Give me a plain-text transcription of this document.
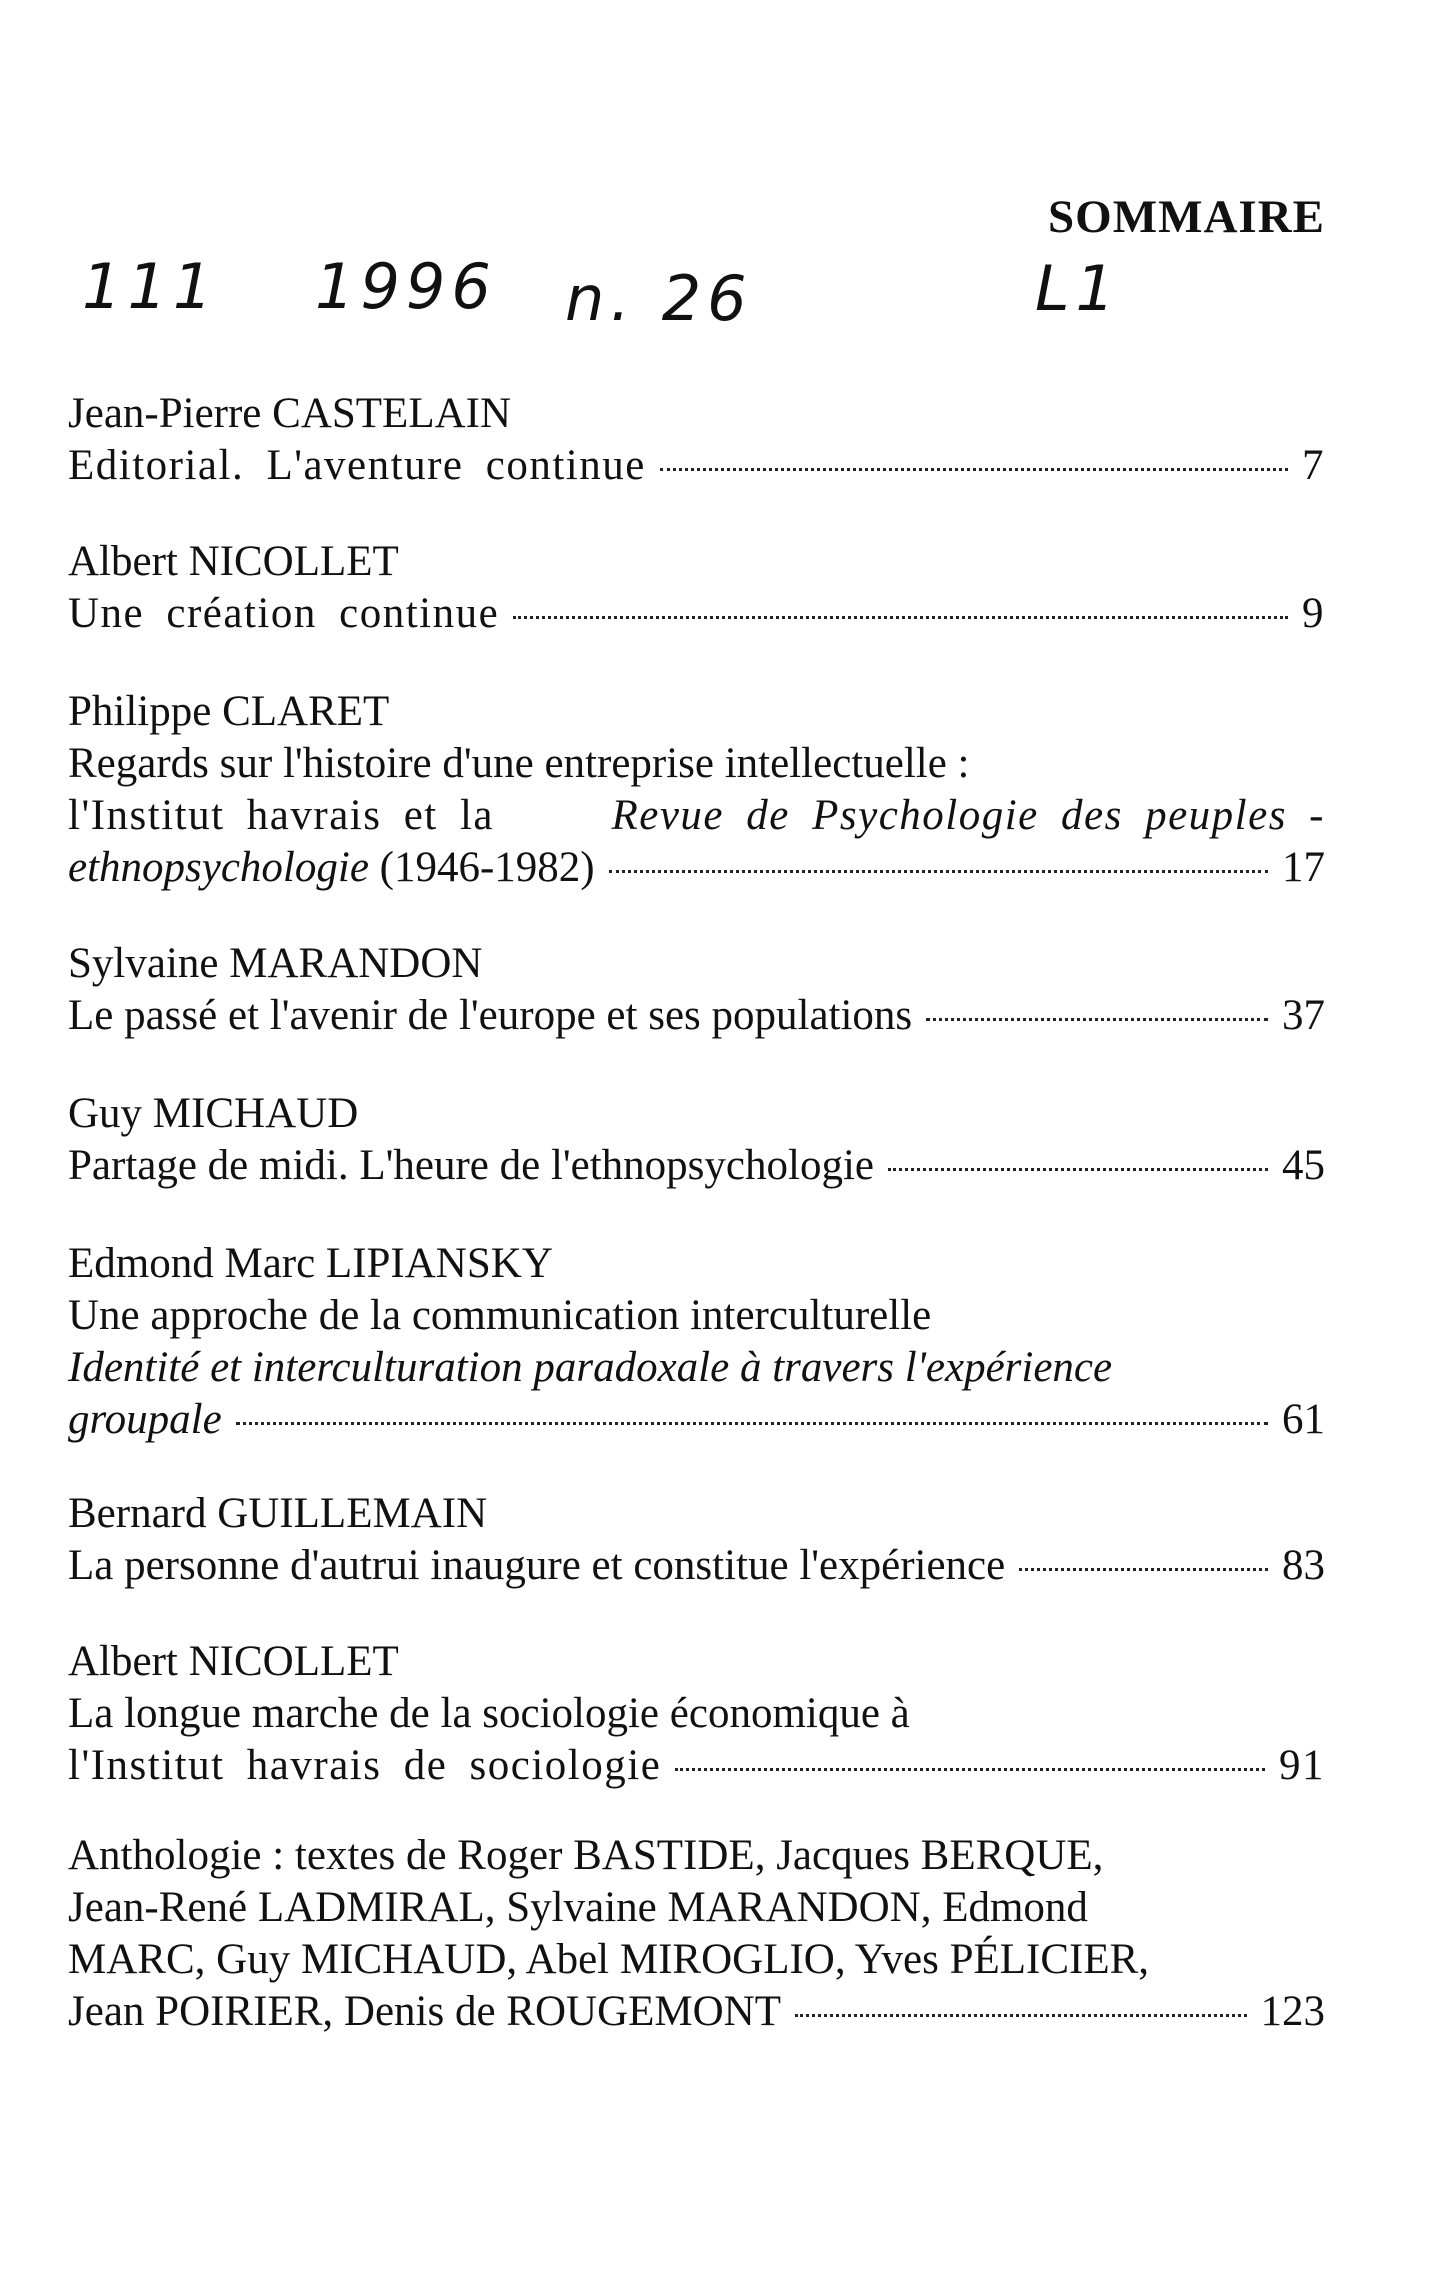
SOMMAIRE
111 1996 n. 26	L1
Jean-Pierre CASTELAIN
Editorial. L'aventure continue	7
Albert NICOLLET
Une création continue	9
Philippe CLARET
Regards sur l'histoire d'une entreprise intellectuelle :
l'Institut havrais et la	Revue de Psychologie des peuples -
ethnopsychologie (1946-1982)	17
Sylvaine MARANDON
Le passé et l'avenir de l'europe et ses populations	37
Guy MICHAUD
Partage de midi. L'heure de l'ethnopsychologie	45
Edmond Marc LIPIANSKY
Une approche de la communication interculturelle
Identité et interculturation paradoxale à travers l'expérience
groupale	61
Bernard GUILLEMAIN
La personne d'autrui inaugure et constitue l'expérience	83
Albert NICOLLET
La longue marche de la sociologie économique à
l'Institut havrais de sociologie	91
Anthologie : textes de Roger BASTIDE, Jacques BERQUE,
Jean-René LADMIRAL, Sylvaine MARANDON, Edmond
MARC, Guy MICHAUD, Abel MIROGLIO, Yves PÉLICIER,
Jean POIRIER, Denis de ROUGEMONT	123
